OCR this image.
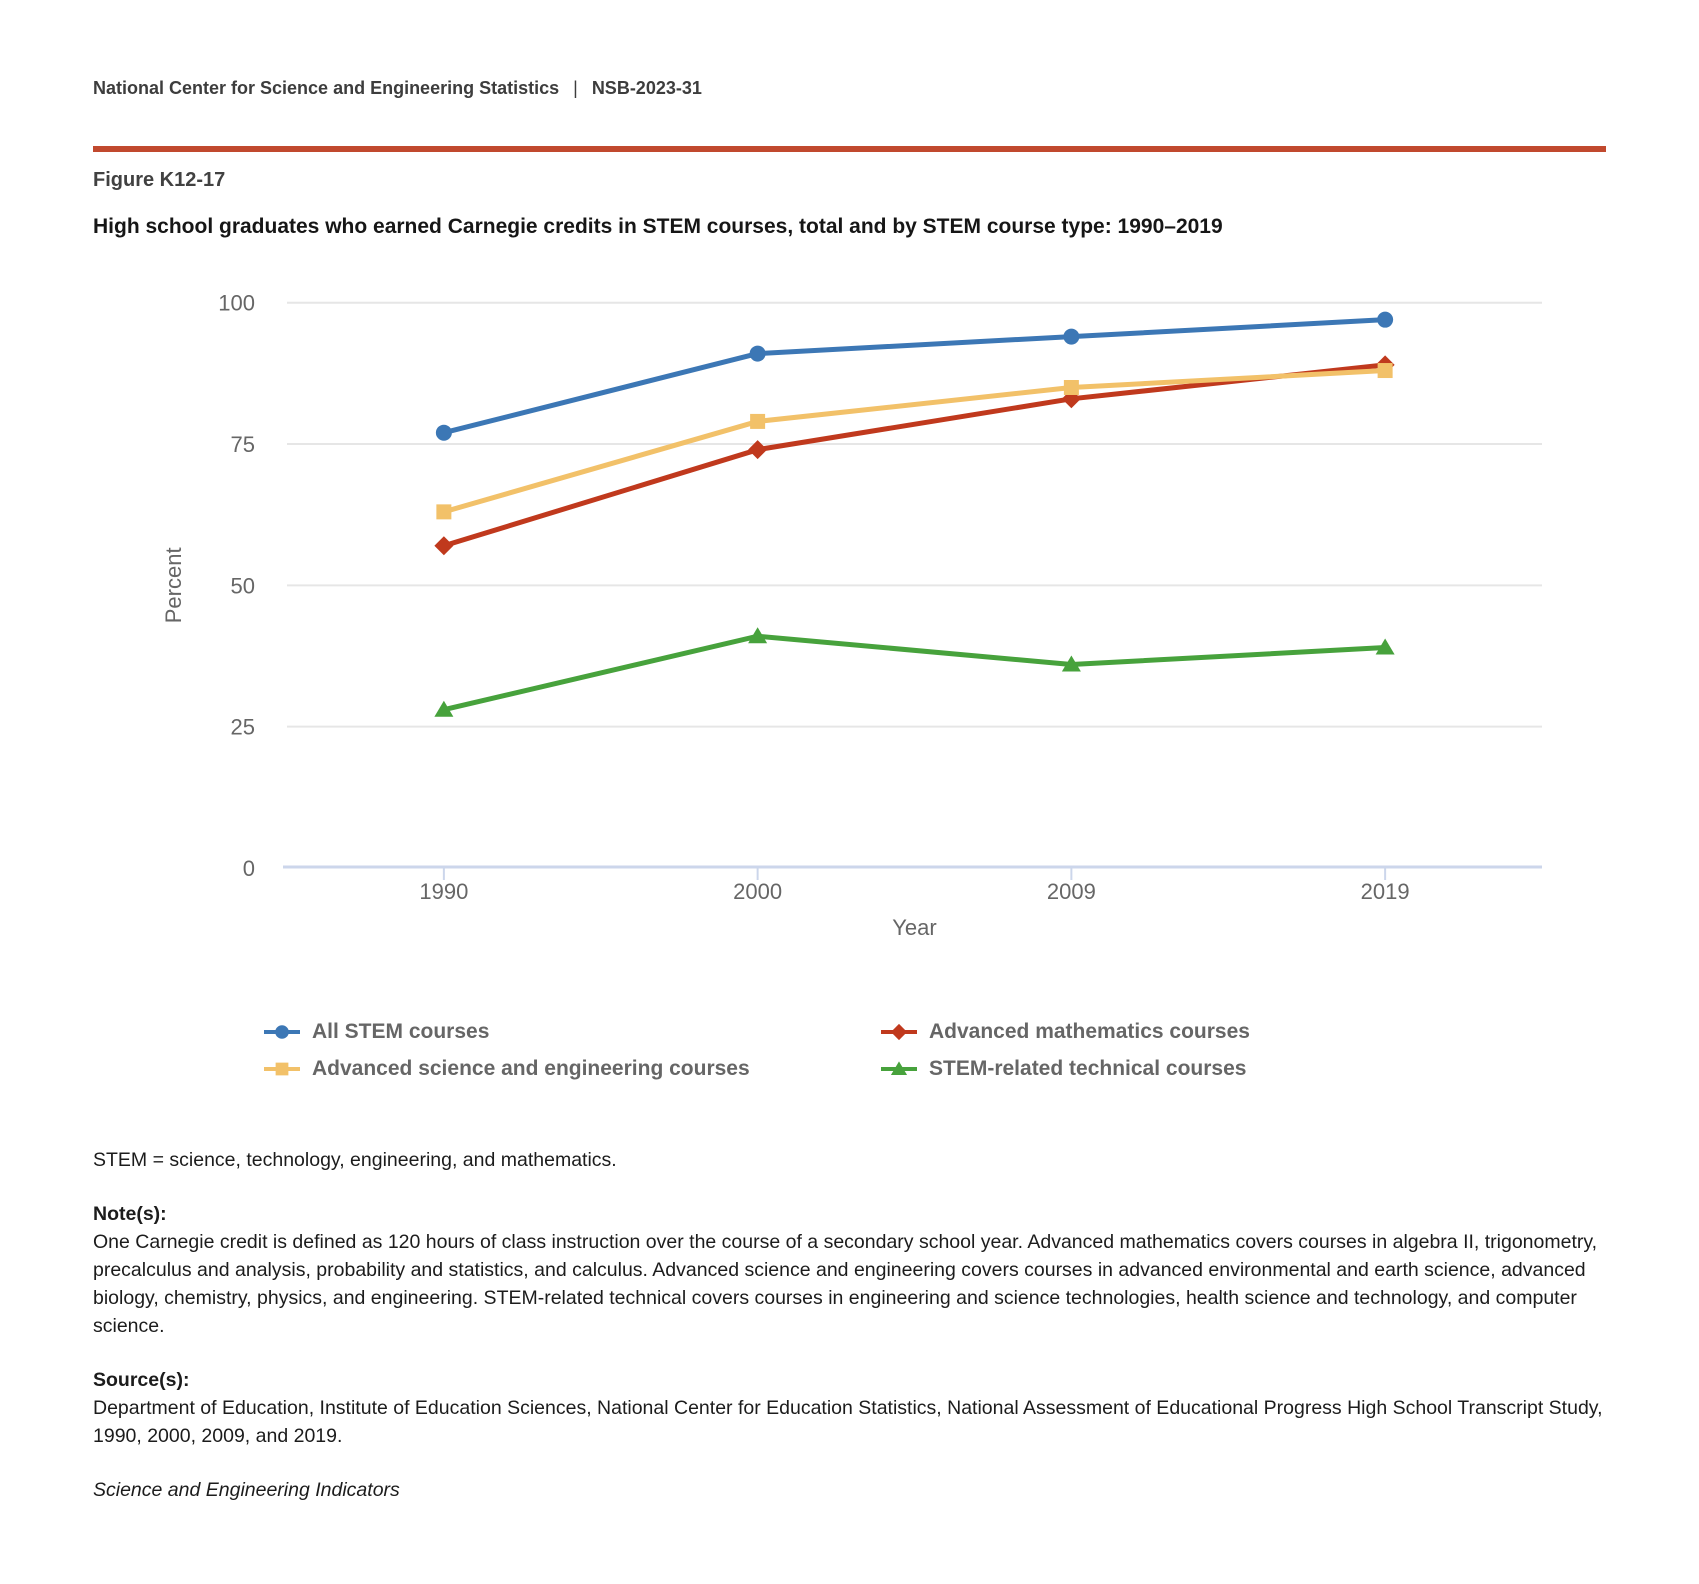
National Center for Science and Engineering Statistics | NSB-2023-31
Figure K12-17
High school graduates who earned Carnegie credits in STEM courses, total and by STEM course type: 1990–2019
0
25
50
75
100
1990	2000	2009	2019
Year
Percent
All STEM courses	Advanced mathematics courses
Advanced science and engineering courses	STEM-related technical courses

STEM = science, technology, engineering, and mathematics.

Note(s):

One Carnegie credit is defined as 120 hours of class instruction over the course of a secondary school year. Advanced mathematics covers courses in algebra II, trigonometry, precalculus and analysis, probability and statistics, and calculus. Advanced science and engineering covers courses in advanced environmental and earth science, advanced biology, chemistry, physics, and engineering. STEM-related technical covers courses in engineering and science technologies, health science and technology, and computer science.

Source(s):

Department of Education, Institute of Education Sciences, National Center for Education Statistics, National Assessment of Educational Progress High School Transcript Study, 1990, 2000, 2009, and 2019.

Science and Engineering Indicators
